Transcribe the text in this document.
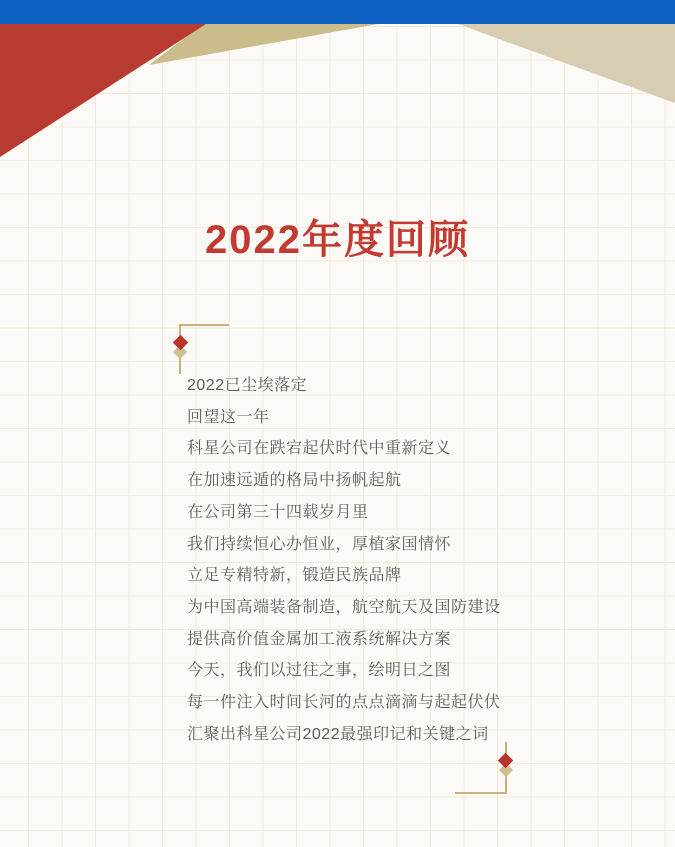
2022年度回顾
2022已尘埃落定
回望这一年
科星公司在跌宕起伏时代中重新定义
在加速远遁的格局中扬帆起航
在公司第三十四载岁月里
我们持续恒心办恒业，厚植家国情怀
立足专精特新，锻造民族品牌
为中国高端装备制造，航空航天及国防建设
提供高价值金属加工液系统解决方案
今天，我们以过往之事，绘明日之图
每一件注入时间长河的点点滴滴与起起伏伏
汇聚出科星公司2022最强印记和关键之词
